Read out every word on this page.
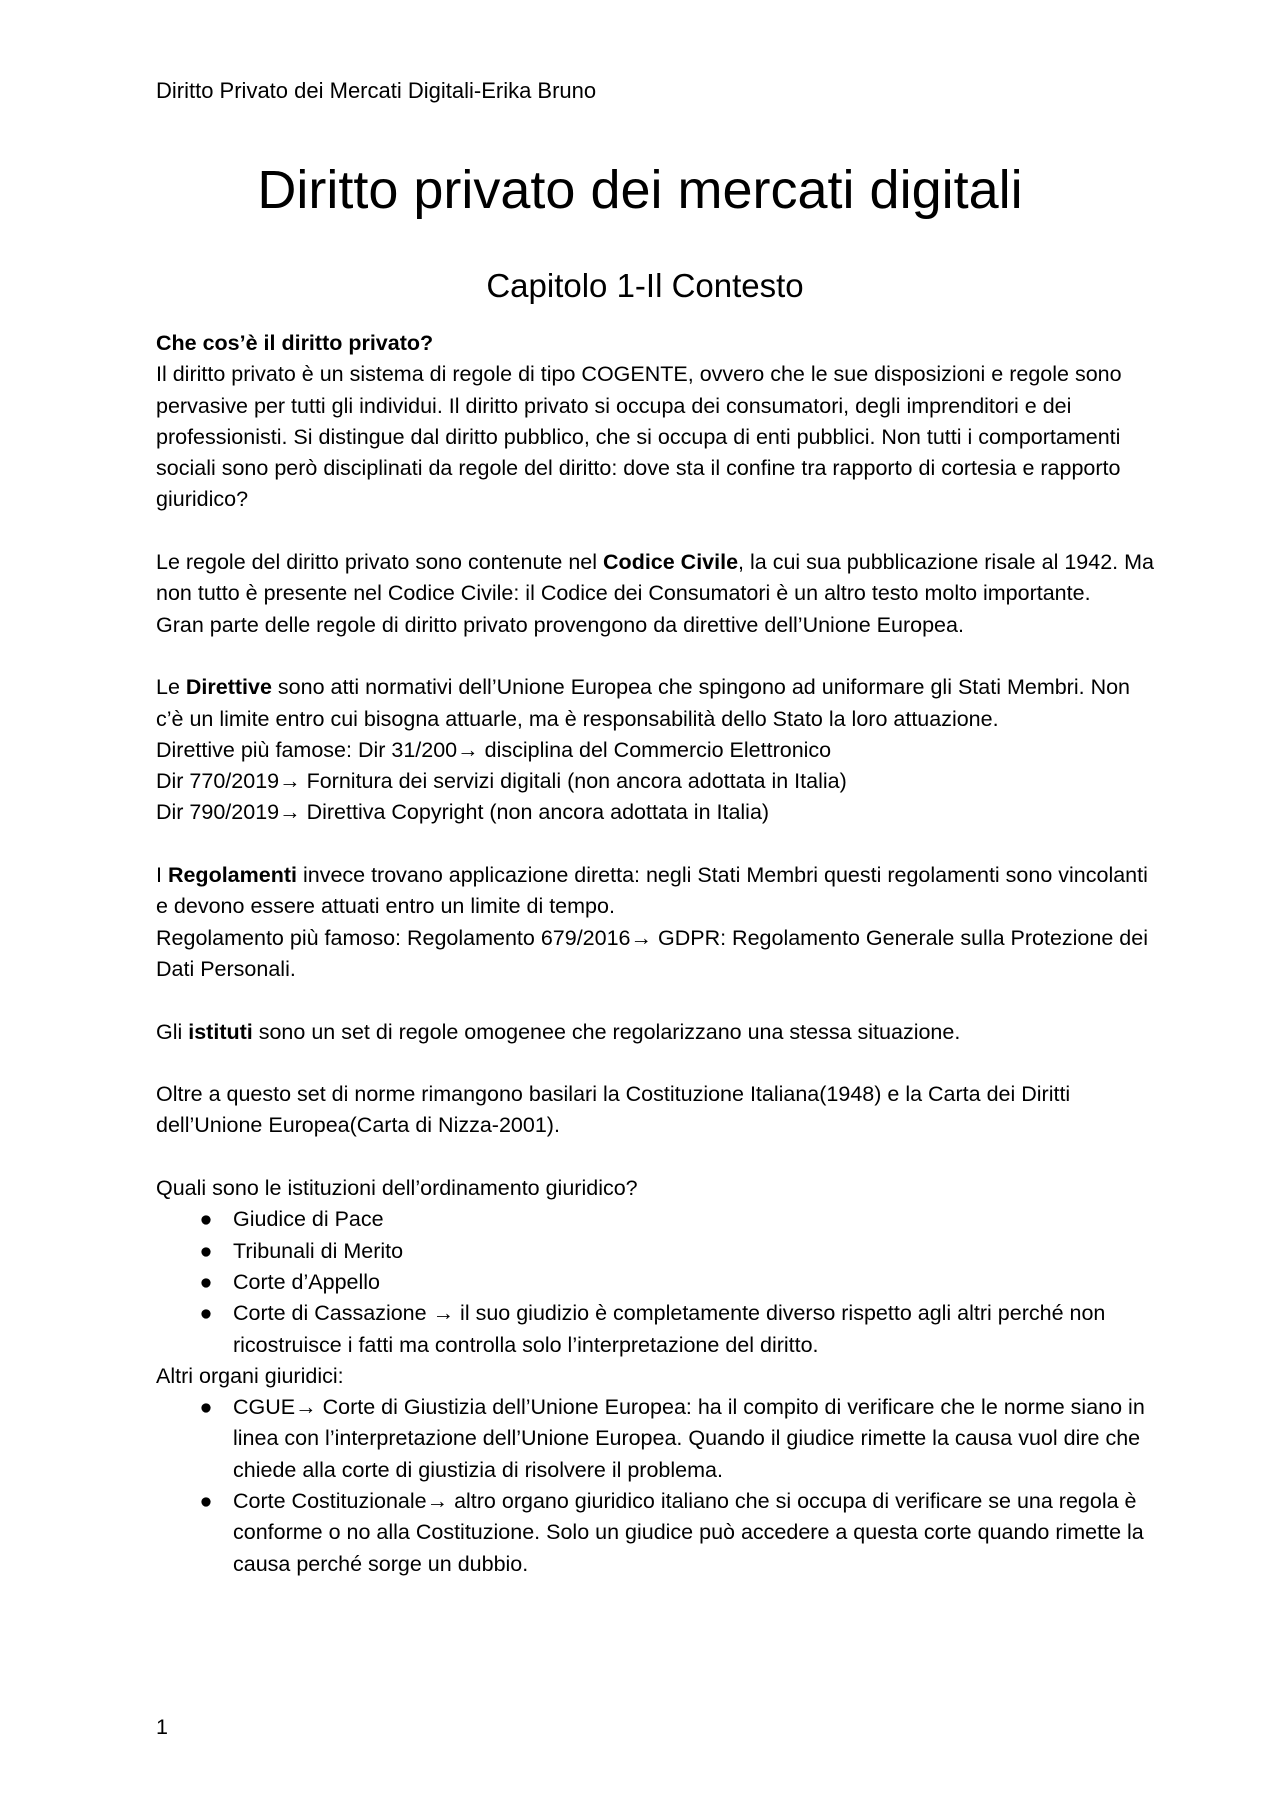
Diritto Privato dei Mercati Digitali-Erika Bruno
Diritto privato dei mercati digitali
Capitolo 1-Il Contesto

Che cos’è il diritto privato?

Il diritto privato è un sistema di regole di tipo COGENTE, ovvero che le sue disposizioni e regole sono pervasive per tutti gli individui. Il diritto privato si occupa dei consumatori, degli imprenditori e dei professionisti. Si distingue dal diritto pubblico, che si occupa di enti pubblici. Non tutti i comportamenti sociali sono però disciplinati da regole del diritto: dove sta il confine tra rapporto di cortesia e rapporto giuridico?

Le regole del diritto privato sono contenute nel Codice Civile, la cui sua pubblicazione risale al 1942. Ma non tutto è presente nel Codice Civile: il Codice dei Consumatori è un altro testo molto importante.

Gran parte delle regole di diritto privato provengono da direttive dell’Unione Europea.

Le Direttive sono atti normativi dell’Unione Europea che spingono ad uniformare gli Stati Membri. Non c’è un limite entro cui bisogna attuarle, ma è responsabilità dello Stato la loro attuazione.

Direttive più famose: Dir 31/200→ disciplina del Commercio Elettronico

Dir 770/2019→ Fornitura dei servizi digitali (non ancora adottata in Italia)

Dir 790/2019→ Direttiva Copyright (non ancora adottata in Italia)

I Regolamenti invece trovano applicazione diretta: negli Stati Membri questi regolamenti sono vincolanti e devono essere attuati entro un limite di tempo.

Regolamento più famoso: Regolamento 679/2016→ GDPR: Regolamento Generale sulla Protezione dei Dati Personali.

Gli istituti sono un set di regole omogenee che regolarizzano una stessa situazione.

Oltre a questo set di norme rimangono basilari la Costituzione Italiana(1948) e la Carta dei Diritti dell’Unione Europea(Carta di Nizza-2001).

Quali sono le istituzioni dell’ordinamento giuridico?

● Giudice di Pace
● Tribunali di Merito
● Corte d’Appello
● Corte di Cassazione → il suo giudizio è completamente diverso rispetto agli altri perché non ricostruisce i fatti ma controlla solo l’interpretazione del diritto.

Altri organi giuridici:

● CGUE→ Corte di Giustizia dell’Unione Europea: ha il compito di verificare che le norme siano in linea con l’interpretazione dell’Unione Europea. Quando il giudice rimette la causa vuol dire che chiede alla corte di giustizia di risolvere il problema.
● Corte Costituzionale→ altro organo giuridico italiano che si occupa di verificare se una regola è conforme o no alla Costituzione. Solo un giudice può accedere a questa corte quando rimette la causa perché sorge un dubbio.
1
